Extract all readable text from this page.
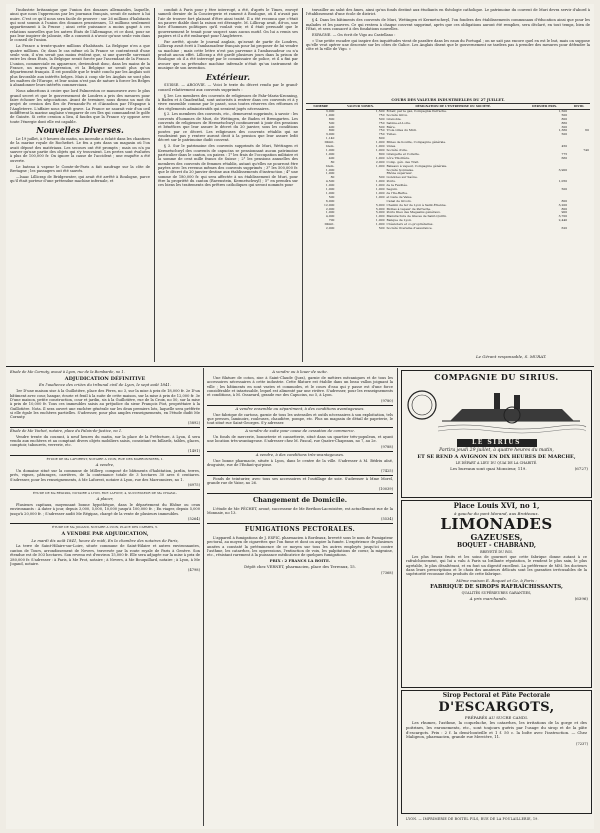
l'industrie britannique que l'union des douanes allemandes, laquelle, ainsi que nous l'apprenons par les journaux français, serait de nature à lui nuire. C'est ce qu'il nous sera facile de prouver : sur 26 millions d'habitants qui sont soumis à l'union des douanes prussiennes, 13 millions seulement appartiennent à la Prusse ; ainsi cette puissance a moins gagné à ces relations nouvelles que les autres États de l'Allemagne, et ce dont, pour ne pas leur inspirer de jalousie, elle a consenti à n'avoir qu'une seule voix dans le conseil de l'union.

La France a trente-quatre millions d'habitants. La Belgique n'en a que quatre millions. Or, dans le cas même où la France se contenterait d'une seule voix, il n'en serait pas moins évident que, si une querelle survenait entre les deux États, la Belgique serait forcée par l'ascendant de la France. L'union, commerciale en apparence, deviendrait donc, dans les mains de la France, un moyen d'agression, et la Belgique ne serait plus qu'un département français. Il est possible que le traité conclu par les Anglais soit plus favorable aux intérêts belges. Mais à coup sûr les Anglais ne sont plus les maîtres de l'Europe, et leur union n'est pas de nature à forcer les Belges à abandonner leurs intérêts commerciaux.

Nous admettons à croire que lord Palmerston ce manoeuvre avec le plus grand secret et que le gouvernement de Londres a pris des mesures pour faire échouer les négociations. Avant de terminer, nous dirons un mot du projet de cession des îles de Fernando-Po et d'Annobon par l'Espagne à l'Angleterre. L'affaire nous paraît grave. La France ne saurait voir d'un oeil indifférent la marine anglaise s'emparer de ces îles qui commandent le golfe de Guinée. Si cette cession a lieu, il faudra que la France s'y oppose avec toute l'énergie dont elle est capable.

Nouvelles Diverses.

Le 19 juillet, à 9 heures du matin, un incendie a éclaté dans les chantiers de la marine royale de Rochefort. Le feu a pris dans un magasin où l'on avait déposé des matériaux. Les secours ont été prompts ; mais on n'a pu sauver qu'une partie des objets qui s'y trouvaient. Les pertes sont évaluées à plus de 100,000 fr. On ignore la cause de l'accident ; une enquête a été ouverte.

Le bateau à vapeur le Comte-de-Paris a fait naufrage sur la côte de Bretagne ; les passagers ont été sauvés.

—Isaac Lillicrap de Bridgewater, qui avait été arrêté à Boulogne, parce qu'il était porteur d'une prétendue machine infernale, et

conduit à Paris pour y être interrogé, a été, d'après le Times, envoyé samedi dernier de la Conciergerie et ramené à Boulogne, où il n'avait pas l'air de trouver fort plaisant d'être ainsi traité. Il a été reconnu que c'était un pauvre diable dont la raison est dérangée. M. Lillicrap avait, dit-on, une liste d'hommes politiques qu'il voulait voir, et il était persuadé que le gouvernement le tenait pour suspect sans aucun motif. On lui a remis ses papiers et il a été embarqué pour l'Angleterre.

Par arrêté, ajoute le journal anglais, qu'avant de partir de Londres, Lillicrap avait écrit à l'ambassadeur français pour lui proposer de lui vendre sa machine ; mais cette lettre n'est pas parvenue à l'ambassadeur ou n'a produit aucun effet. Lillicrap a été gardé plusieurs jours dans la prison de Boulogne où il a été interrogé par le commissaire de police, et il a fini par avouer que sa prétendue machine infernale n'était qu'un instrument de musique de son invention.

Extérieur.

SUISSE. — ARGOVIE. — Voici le texte du décret rendu par le grand-conseil relativement aux couvents supprimés :

§ 1er. Les membres des couvents de religieuses de Fahr-Maria-Kronning, à Baden et à Gnadenthal, sont autorisés à rentrer dans ces couvents et à y vivre ensemble comme par le passé, sous toutes réserves des réformes et des règlements administratifs qui seraient jugés nécessaires.

§ 2. Les membres des couvents, etc., demeurent supprimés, à savoir : les couvents d'hommes de Muri, de Wettingen, de Baden et Bremgarten. Les couvents de religieuses de Hermetschwyl continueront à jouir des pensions et bénéfices que leur assure le décret du 20 janvier, sous les conditions posées par ce décret. Les religieuses des couvents rétablis qui ne voudraient pas y rentrer auront droit à la pension que leur assure ledit décret sur le patrimoine dudit couvent.

§ 3. Sur le patrimoine des couvents supprimés de Muri, Wettingen et Kermetschwyl des couvents de capucins se pensionnant aucun patrimoine particulier dans le canton, on paiera : 1° les frais de l'occupation militaire et la somme de cent mille francs de Suisse ; 2° les pensions annuelles des membres des couvents de femmes rétablis, autant qu'elles ne pourront être payées avec les revenus mêmes des couvents supprimés ; 3° les 500,000 fr. que le décret du 20 janvier destine aux établissements d'instruction ; 4° une somme de 180,000 fr. qui sera affectée à un établissement de Muri, pour être la propriété du canton (Ravenstein, Kermetschwyl) ; 5° en prendra sur ces biens les traitements des prêtres catholiques qui seront nommés pour

travailler au salut des âmes, ainsi qu'un fonds destiné aux étudiants en théologie catholique. Le patrimoine du couvent de Muri devra servir d'abord à l'établissement d'une école de district.

§ 4. Dans les bâtiments des couvents de Muri, Wettingen et Kermetschwyl, l'on fondera des établissements communaux d'éducation ainsi que pour les malades et les pauvres. Ce qui restera à chaque couvent supprimé, après que ces obligations auront été remplies, sera déclaré, en tout temps, bien de l'État, et sera consacré à des fondations nouvelles.

ESPAGNE. — On écrit de Vigo au Castellano :

« Une petite escadre qui inspire des inquiétudes vient de paraître dans les eaux du Portugal ; on ne sait pas encore quel en est le but, mais on suppose qu'elle veut opérer une descente sur les côtes de Galice. Les Anglais disent que le gouvernement ne tardera pas à prendre des mesures pour défendre la côte et la ville de Vigo. »

COURS DES VALEURS INDUSTRIELLES DU 27 JUILLET.
NOMBRE	VALEUR NOMIN.	DÉSIGNATION DE L'ENTREPRISE OU SOCIÉTÉ.	DERNIER PRIX.	DIVID.
3,000	1,500	Éclair, par le gaz, Compagnie Perrache.	1,500	
1,000	750	Société Girou.	500	
800	500	Grenoble.	800	
500	750	Sabine-et-Loire.	860	
400	500	Bière.	300	
800	750	Trois-villes du Midi.	1,360	60
3,000	750	Tuiles.	500	
1,140	600			
Illimit.	1,000	Mines de houille, Compagnie générale.		
Idem.	1,000	Unies.	450	
1,000	1,000	Société civile.		740
1,000	800	Grangette et Collette.	775	
400	1,000	Lôre Thiollière.	660	
80	2,000	Comp. gén. des Trait.		
Idem.	1,000	Bateaux à vapeur, Compagnie générale.		
1,000		Société lyonnaise.	3,900	
1,000		Rhône supérieur.		
80	500	Gondoles sur Saône.		
4,500	1,000	Ponts.	1,050	
1,000	1,000	de la Feuillée.		
1,000	1,000	Seguin.	500	
1,000	1,000	de l'Ile-Barbe.		
500	1,000	et Gare de Vaise.		
6,000		Canal de Givors.	800	
12,000	5,000	Chemin de fer de Lyon à Saint-Étienne.	3,200	
2,000	5,000	Mollas à vapeur de Perrache.	800	
1,000	5,000	Ponts Dieu des Magasins généraux.	900	
4,000	1,000	Manufacture de Glaces de Saint-Quirin.	3,700	
700	1,000	Banque de Lyon.	2,440	
Illimit.	1,000	Créanciers et co-propriétaires.		
2,000	500	Société riveraine d'assurance.	620	
Le Gérant responsable, S. MURAT.

Étude de Me Cornuty, avoué à Lyon, rue de la Bombarde, no 1.

ADJUDICATION DÉFINITIVE

En l'audience des criées du tribunal civil de Lyon, le sept août 1841.

1er D'une maison sise à la Guillotière, place des Pères, no 3, sur la mise à prix de 18,000 fr. 2e D'un bâtiment avec cour, hangar, écurie et fenil à la suite de cette maison, sur la mise à prix de 12,000 fr. 3e D'une maison, petite construction, cour et jardin, sis à la Guillotière, rue de la Croix, no 50, sur la mise à prix de 10,000 fr. Tous ces immeubles saisis au préjudice du sieur François Piot, propriétaire à la Guillotière. Nota. Il sera ouvert une enchère générale sur les deux premiers lots, laquelle sera préférée si elle égale les enchères partielles. S'adresser, pour plus amples renseignements, en l'étude dudit Me Cornuty.

(5892)

Étude de Me Vachet, notaire, place du Palais-de-Justice, no 1.

Vendre trente du courant, à neuf heures du matin, sur la place de la Préfecture, à Lyon, il sera vendu aux enchères et au comptant divers objets mobiliers saisis, consistant en billards, tables, glaces, comptoir, tabourets, verrerie, etc.

(1491)

ÉTUDE DE Me LAFOREST, NOTAIRE A LYON, RUE DES MARRONNIERS, 1.

A vendre,

Un domaine situé sur la commune de Millery, composé de bâtiments d'habitation, jardin, terres, prés, vignes, pâturages, carrières, de la contenance totale de 3 hectares 30 ares 6 centiares. S'adresser, pour les renseignements, à Me Laforest, notaire à Lyon, rue des Marronniers, no 1.

(6975)

ÉTUDE DE Me RÉGIPAS, NOTAIRE A LYON, RUE LAFONT, 4, SUCCESSEUR DE Me CHAZAL.

A placer,

Plusieurs capitaux, moyennant bonne hypothèque, dans le département du Rhône ou ceux environnants : A dater à jour, depuis 3,000, 5,000, 10,000 jusqu'à 100,000 fr. ; En viager, depuis 5,000 jusqu'à 20,000 fr. ; S'adresser audit Me Régipas, chargé de la vente de plusieurs immeubles.

(5264)

ÉTUDE DE Me JOGAND, NOTAIRE A LYON, PLACE DES CARMES, 5.

A VENDRE PAR ADJUDICATION,

Le mardi dix août 1841, heure de midi, En la chambre des notaires de Paris,

La terre de Saint-Hilaire-sur-Loire, située commune de Saint-Hilaire et autres environnantes, canton de Tours, arrondissement de Nevers, traversée par la route royale de Paris à Genève. Son étendue est de 503 hectares. Son revenu est d'environ 15,000 fr. Elle sera adjugée sur la mise à prix de 280,000 fr. S'adresser : à Paris, à Me Prot, notaire ; à Nevers, à Me Bouquillard, notaire ; à Lyon, à Me Jogand, notaire.

(4798)

A vendre ou à louer de suite.

Une filature de coton, sise à Saint-Claude (Jura), garnie de métiers mécaniques et de tous les accessoires nécessaires à cette industrie. Cette filature est établie dans un beau vallon joignant la ville ; les bâtiments en sont vastes et commodes, et le cours d'eau qui y passe est d'une force considérable et intarissable, lequel est alimenté par une rivière. S'adresser, pour les renseignements et conditions, à M. Ossavard, grande rue des Capucins, no 5, à Lyon.

(9780)

A vendre ensemble ou séparément, à des conditions avantageuses.

Une fabrique de cartons, garnie de tous les ustensiles et outils nécessaires à son exploitation, tels que presses, laminoirs, rouleuses, chaudière, pompe, etc. Plus un magasin de détail de papeterie, le tout situé rue Saint-Georges. S'y adresser.

A vendre de suite pour cause de cessation de commerce.

Un fonds de mercerie, bonneterie et cannetterie, situé dans un quartier très-populeux, et ayant une location très-avantageuse. S'adresser chez M. Pascal, rue Quatre-Chapeaux, no 7, au 2e.

(9788)

A vendre, à des conditions très-avantageuses.

Une bonne pharmacie, située à Lyon, dans le centre de la ville. S'adresser à M. Bédrix aîné, droguiste, rue de l'Enfant-qui-pisse.

(7425)

Fonds de teinturier, avec tous ses accessoires et l'outillage de soie. S'adresser à Mme Morel, grande rue de Vaise, no 26.

(10039)

Changement de Domicile.

L'étude de Me PÉCHET, avoué, successeur de Me Berthon-Lacroisière, est actuellement rue de la Monnaie, no 13.

(5534)

FUMIGATIONS PECTORALES.

L'appareil à fumigations de J. ESPIC, pharmacien à Bordeaux, breveté sous le nom de Fumigateur pectoral, au moyen de cigarettes que l'on fume et dont on aspire la fumée. L'expérience de plusieurs années a constaté la prééminence de ce moyen sur tous les autres employés jusqu'ici contre l'asthme, les catarrhes, les oppressions, l'extinction de voix, les palpitations de coeur, la migraine, etc., résistant rarement à la puissance médicatrice de quelques fumigations.

PRIX : 2 FRANCS LA BOITE.

Dépôt chez VERNET, pharmacien, place des Terreaux, 15.

(7368)

COMPAGNIE DU SIRIUS.
LE SIRIUS
Partira jeudi 29 juillet, à quatre heures du matin,
ET SE REND A AVIGNON EN DIX HEURES DE MARCHE,
LE DÉPART A LIEU DU QUAI DE LA CHARITÉ.
Les bureaux sont quai Monsieur, 119.	(6727)
Place Louis XVI, no 1,
à gauche du pont Morand, aux Brotteaux.
LIMONADES
GAZEUSES,
BOQUET - CHABRAND,
BREVETÉ DU ROI.

Les plus beaux fruits et les soins de gourmet que cette fabrique donne autant à ce rafraîchissement, qui lui a valu à Paris sa brillante réputation, le rendent le plus sain, le plus agréable, le plus désaltérant, et en font un digestif excellent. La préférence de MM. les docteurs dans leurs prescriptions et le choix des amateurs délicats sont les garanties irrécusables de la supériorité reconnue des produits de cette fabrique.

Même maison E. Boquet et Ce, à Paris :
FABRIQUE DE SIROPS RAFRAÎCHISSANTS,
QUALITÉS SUPÉRIEURES GARANTIES,
A prix marchands.	(6396)
Sirop Pectoral et Pâte Pectorale
D'ESCARGOTS,
PRÉPARÉS AU SUCRE CANDI.

Les rhumes, l'asthme, la coqueluche, les catarrhes, les irritations de la gorge et des poitrines, les enrouements, etc., sont toujours guéris par l'usage du sirop et de la pâte d'escargots. Prix : 2 f. la demi-bouteille et 1 f. 50 c. la boîte avec l'instruction. — Chez Maligeon, pharmacien, grande rue Mercière, 11.

(7237)
LYON. — IMPRIMERIE DE BOITEL FILS, RUE DE LA POULAILLERIE, 19.
